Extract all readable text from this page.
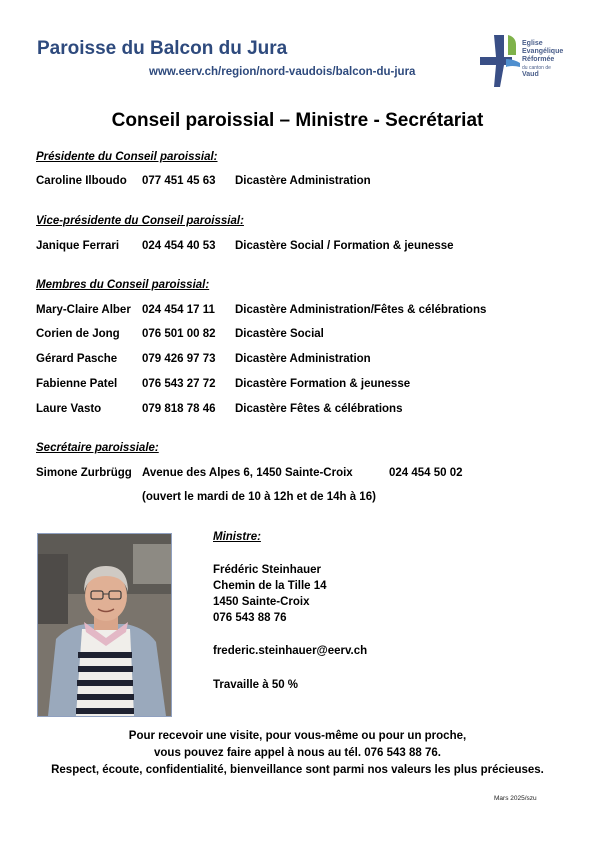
Paroisse du Balcon du Jura
www.eerv.ch/region/nord-vaudois/balcon-du-jura
Eglise
Evangélique
Réformée
du canton de
Vaud
Conseil paroissial – Ministre - Secrétariat
Présidente du Conseil paroissial:
Caroline Ilboudo 077 451 45 63 Dicastère Administration
Vice-présidente du Conseil paroissial:
Janique Ferrari 024 454 40 53 Dicastère Social / Formation & jeunesse
Membres du Conseil paroissial:
Mary-Claire Alber 024 454 17 11 Dicastère Administration/Fêtes & célébrations
Corien de Jong 076 501 00 82 Dicastère Social
Gérard Pasche 079 426 97 73 Dicastère Administration
Fabienne Patel 076 543 27 72 Dicastère Formation & jeunesse
Laure Vasto	079 818 78 46 Dicastère Fêtes & célébrations
Secrétaire paroissiale:
Simone Zurbrügg Avenue des Alpes 6, 1450 Sainte-Croix	024 454 50 02
(ouvert le mardi de 10 à 12h et de 14h à 16)
Ministre:
Frédéric Steinhauer
Chemin de la Tille 14
1450 Sainte-Croix
076 543 88 76
frederic.steinhauer@eerv.ch
Travaille à 50 %
Pour recevoir une visite, pour vous-même ou pour un proche,
vous pouvez faire appel à nous au tél. 076 543 88 76.
Respect, écoute, confidentialité, bienveillance sont parmi nos valeurs les plus précieuses.
Mars 2025/szu
